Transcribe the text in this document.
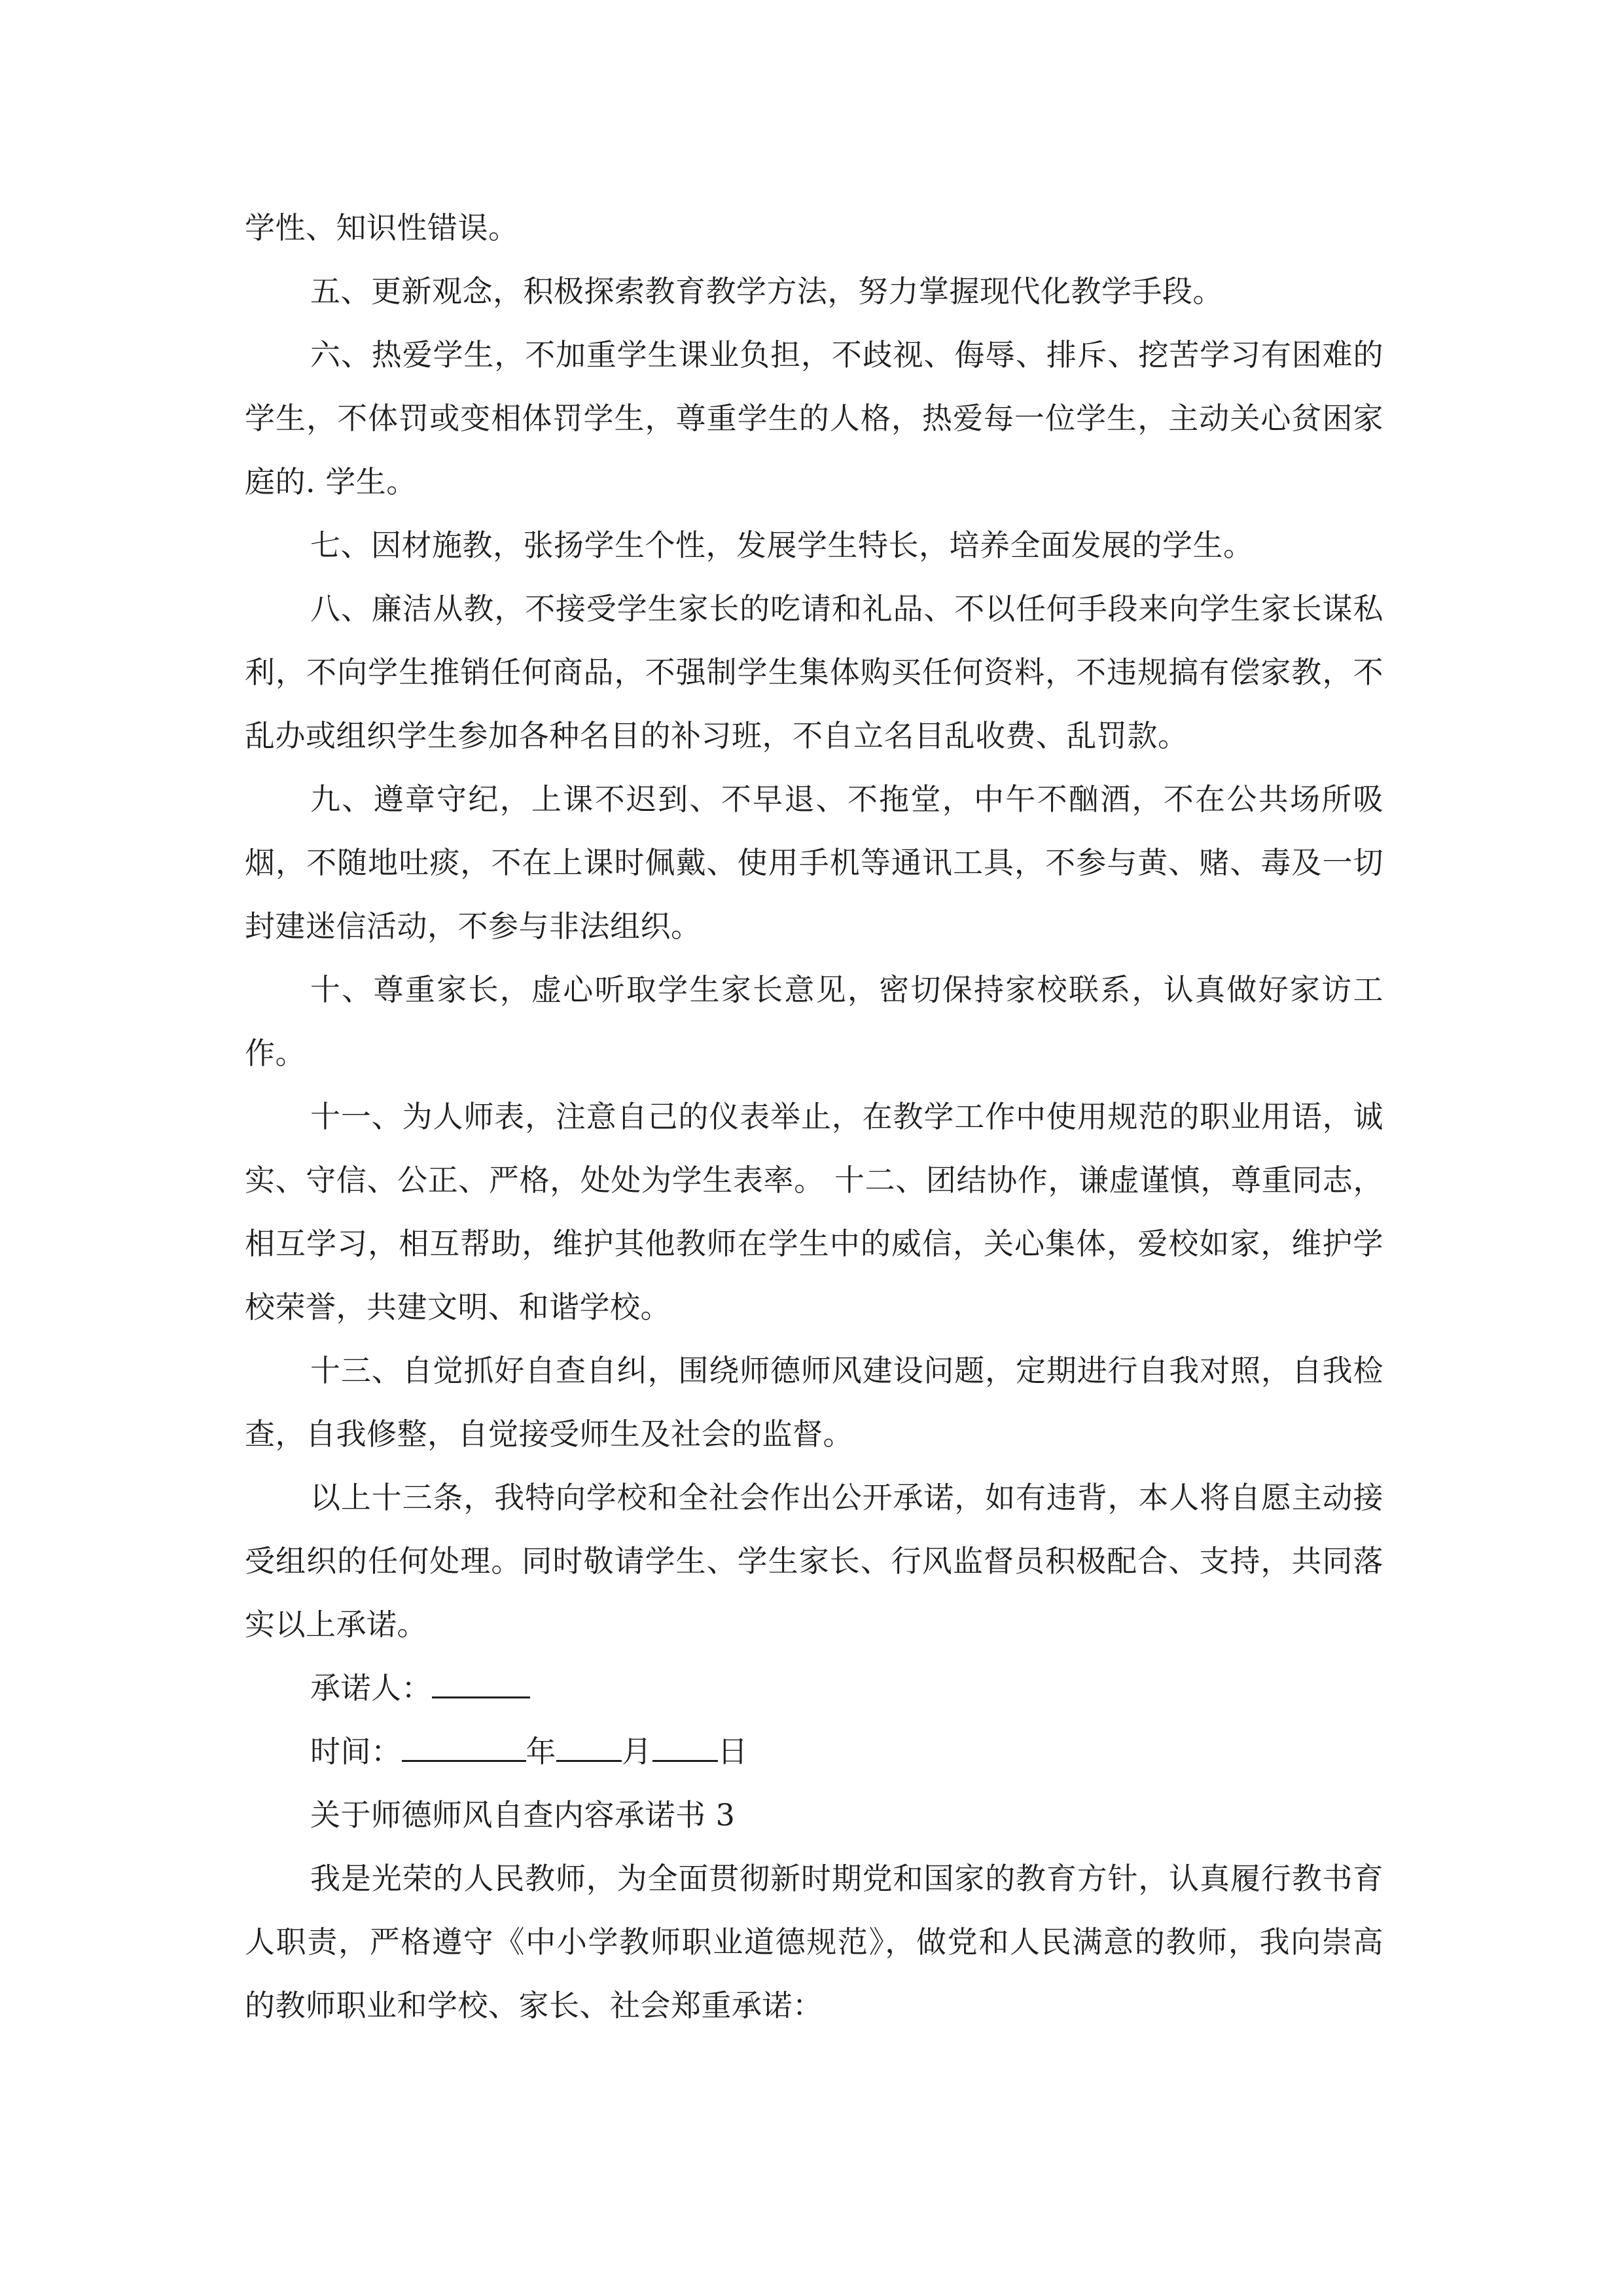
学性、知识性错误。

五、更新观念，积极探索教育教学方法，努力掌握现代化教学手段。

六、热爱学生，不加重学生课业负担，不歧视、侮辱、排斥、挖苦学习有困难的学生，不体罚或变相体罚学生，尊重学生的人格，热爱每一位学生，主动关心贫困家庭的. 学生。

七、因材施教，张扬学生个性，发展学生特长，培养全面发展的学生。

八、廉洁从教，不接受学生家长的吃请和礼品、不以任何手段来向学生家长谋私利，不向学生推销任何商品，不强制学生集体购买任何资料，不违规搞有偿家教，不乱办或组织学生参加各种名目的补习班，不自立名目乱收费、乱罚款。

九、遵章守纪，上课不迟到、不早退、不拖堂，中午不酗酒，不在公共场所吸烟，不随地吐痰，不在上课时佩戴、使用手机等通讯工具，不参与黄、赌、毒及一切封建迷信活动，不参与非法组织。

十、尊重家长，虚心听取学生家长意见，密切保持家校联系，认真做好家访工作。

十一、为人师表，注意自己的仪表举止，在教学工作中使用规范的职业用语，诚实、守信、公正、严格，处处为学生表率。 十二、团结协作，谦虚谨慎，尊重同志，相互学习，相互帮助，维护其他教师在学生中的威信，关心集体，爱校如家，维护学校荣誉，共建文明、和谐学校。

十三、自觉抓好自查自纠，围绕师德师风建设问题，定期进行自我对照，自我检查，自我修整，自觉接受师生及社会的监督。

以上十三条，我特向学校和全社会作出公开承诺，如有违背，本人将自愿主动接受组织的任何处理。同时敬请学生、学生家长、行风监督员积极配合、支持，共同落实以上承诺。

承诺人：

时间：	年 月 日

关于师德师风自查内容承诺书 3

我是光荣的人民教师，为全面贯彻新时期党和国家的教育方针，认真履行教书育人职责，严格遵守《中小学教师职业道德规范》，做党和人民满意的教师，我向崇高的教师职业和学校、家长、社会郑重承诺：
